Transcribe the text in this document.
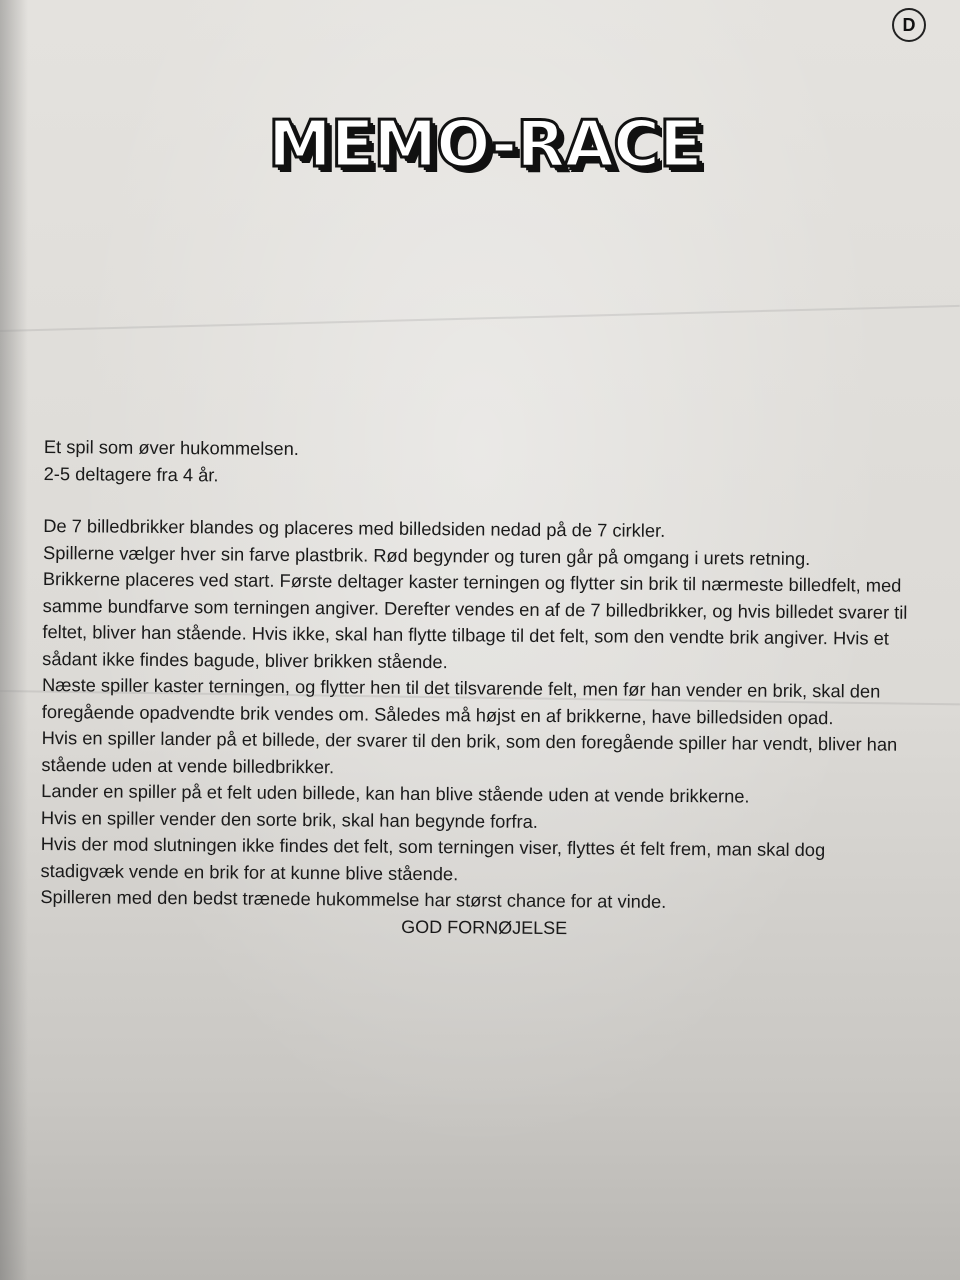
D
MEMO-RACE

Et spil som øver hukommelsen.

2-5 deltagere fra 4 år.

De 7 billedbrikker blandes og placeres med billedsiden nedad på de 7 cirkler.

Spillerne vælger hver sin farve plastbrik. Rød begynder og turen går på omgang i urets retning.

Brikkerne placeres ved start. Første deltager kaster terningen og flytter sin brik til nærmeste billedfelt, med samme bundfarve som terningen angiver. Derefter vendes en af de 7 billedbrikker, og hvis billedet svarer til feltet, bliver han stående. Hvis ikke, skal han flytte tilbage til det felt, som den vendte brik angiver. Hvis et sådant ikke findes bagude, bliver brikken stående.

Næste spiller kaster terningen, og flytter hen til det tilsvarende felt, men før han vender en brik, skal den foregående opadvendte brik vendes om. Således må højst en af brikkerne, have billedsiden opad.

Hvis en spiller lander på et billede, der svarer til den brik, som den foregående spiller har vendt, bliver han stående uden at vende billedbrikker.

Lander en spiller på et felt uden billede, kan han blive stående uden at vende brikkerne.

Hvis en spiller vender den sorte brik, skal han begynde forfra.

Hvis der mod slutningen ikke findes det felt, som terningen viser, flyttes ét felt frem, man skal dog stadigvæk vende en brik for at kunne blive stående.

Spilleren med den bedst trænede hukommelse har størst chance for at vinde.

GOD FORNØJELSE
